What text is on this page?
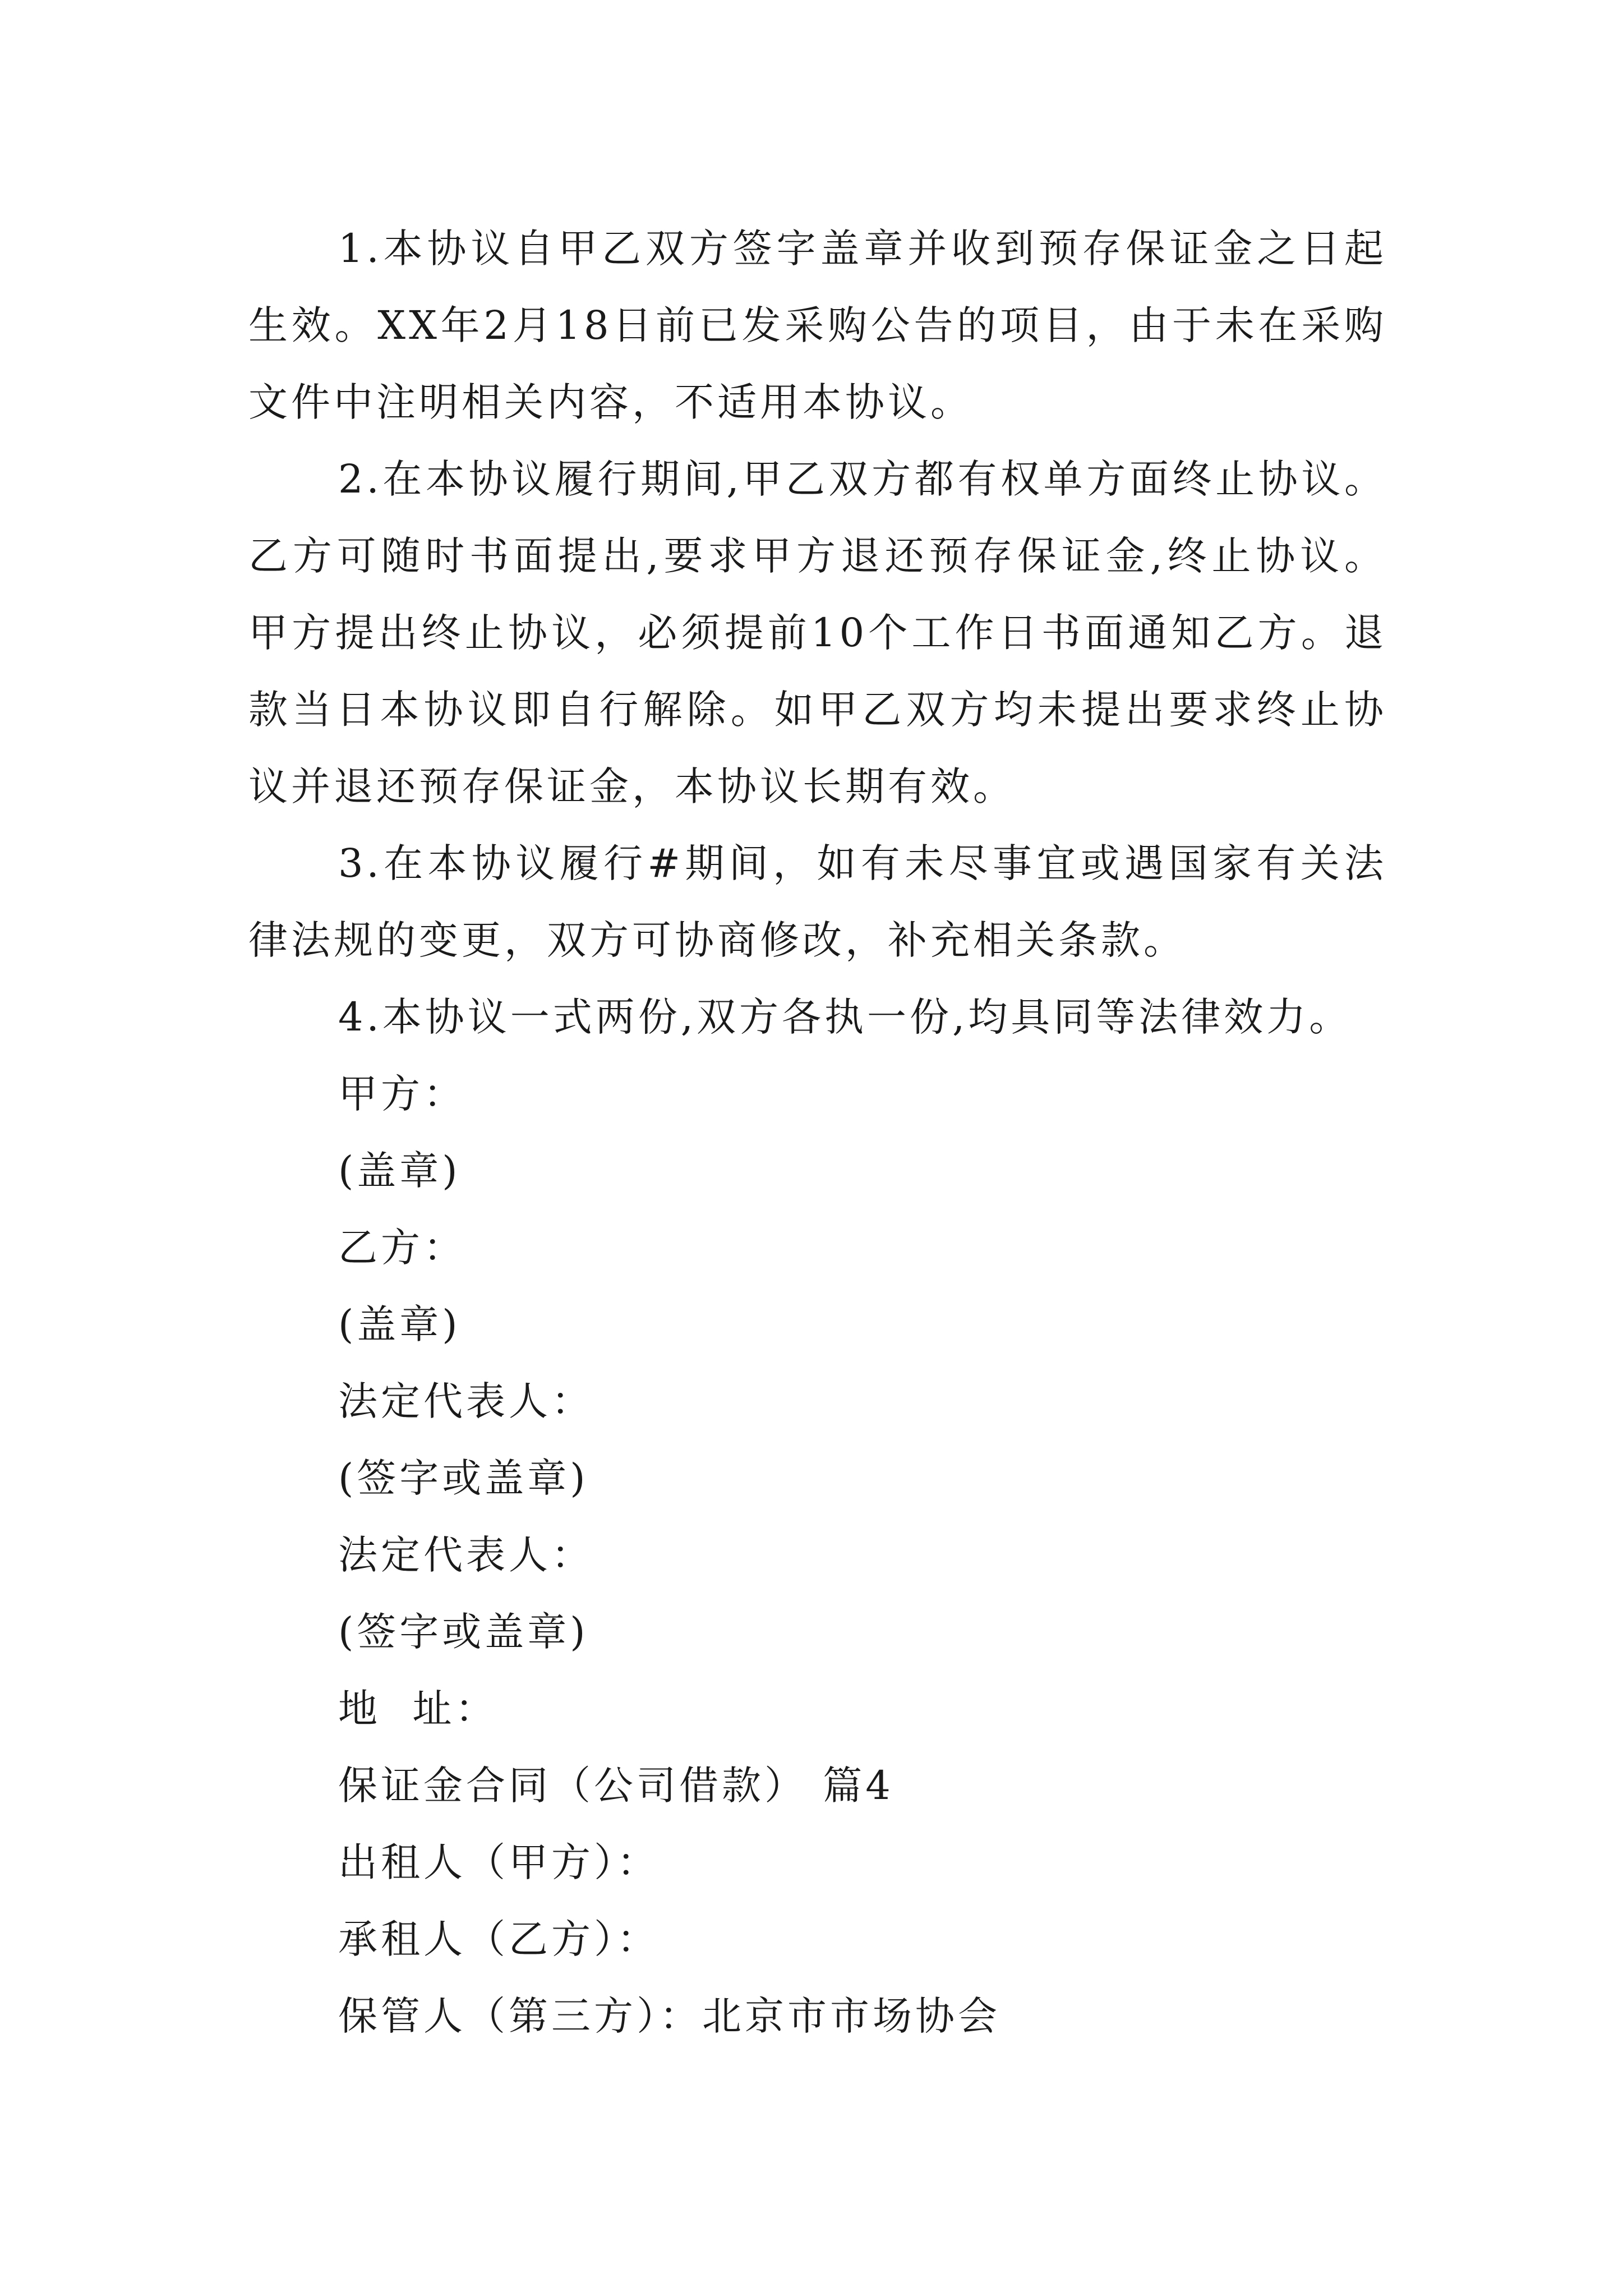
1.本协议自甲乙双方签字盖章并收到预存保证金之日起生效。XX年2月18日前已发采购公告的项目，由于未在采购文件中注明相关内容，不适用本协议。

2.在本协议履行期间,甲乙双方都有权单方面终止协议。乙方可随时书面提出,要求甲方退还预存保证金,终止协议。甲方提出终止协议，必须提前10个工作日书面通知乙方。退款当日本协议即自行解除。如甲乙双方均未提出要求终止协议并退还预存保证金，本协议长期有效。

3.在本协议履行#期间，如有未尽事宜或遇国家有关法律法规的变更，双方可协商修改，补充相关条款。

4.本协议一式两份,双方各执一份,均具同等法律效力。

甲方：

(盖章)

乙方：

(盖章)

法定代表人：

(签字或盖章)

法定代表人：

(签字或盖章)

地  址：

保证金合同（公司借款） 篇4

出租人（甲方）：

承租人（乙方）：

保管人（第三方）：北京市市场协会
